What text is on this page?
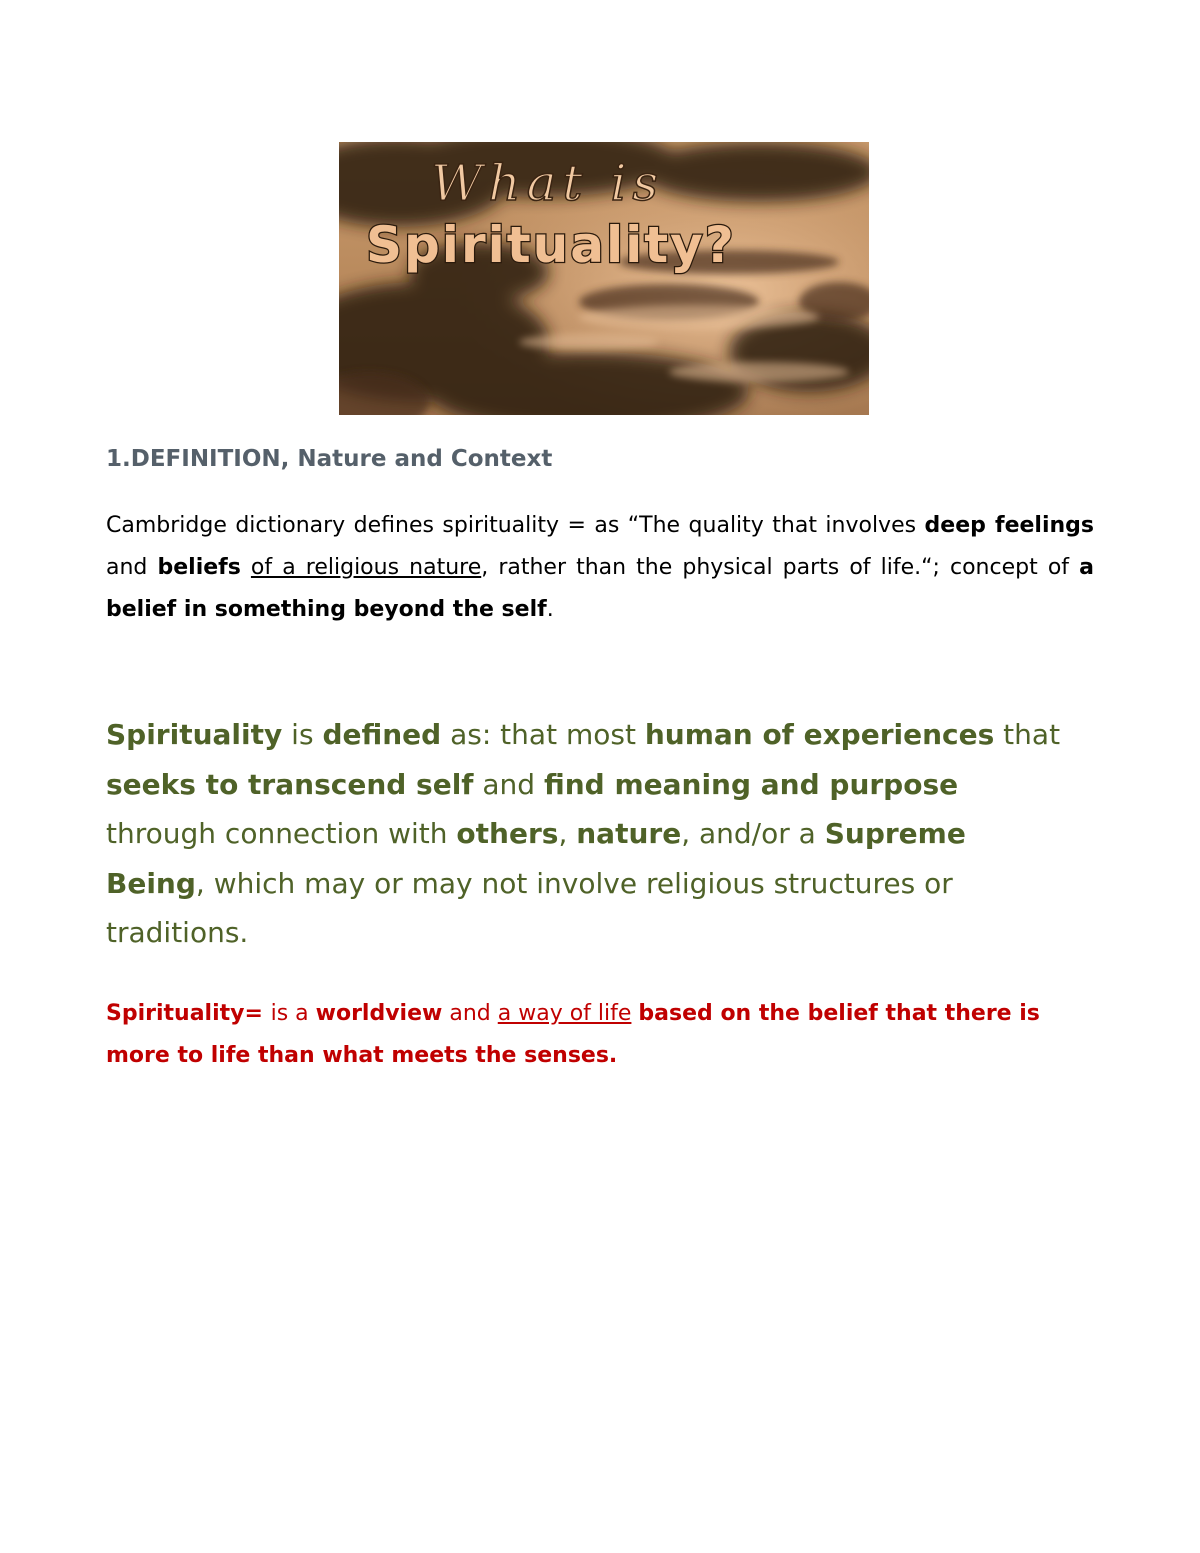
What is
Spirituality?
1.DEFINITION, Nature and Context

Cambridge dictionary defines spirituality = as “The quality that involves deep feelings and beliefs of a religious nature, rather than the physical parts of life.“; concept of a belief in something beyond the self.

Spirituality is defined as: that most human of experiences that seeks to transcend self and find meaning and purpose through connection with others, nature, and/or a Supreme Being, which may or may not involve religious structures or traditions.

Spirituality= is a worldview and a way of life based on the belief that there is more to life than what meets the senses.
